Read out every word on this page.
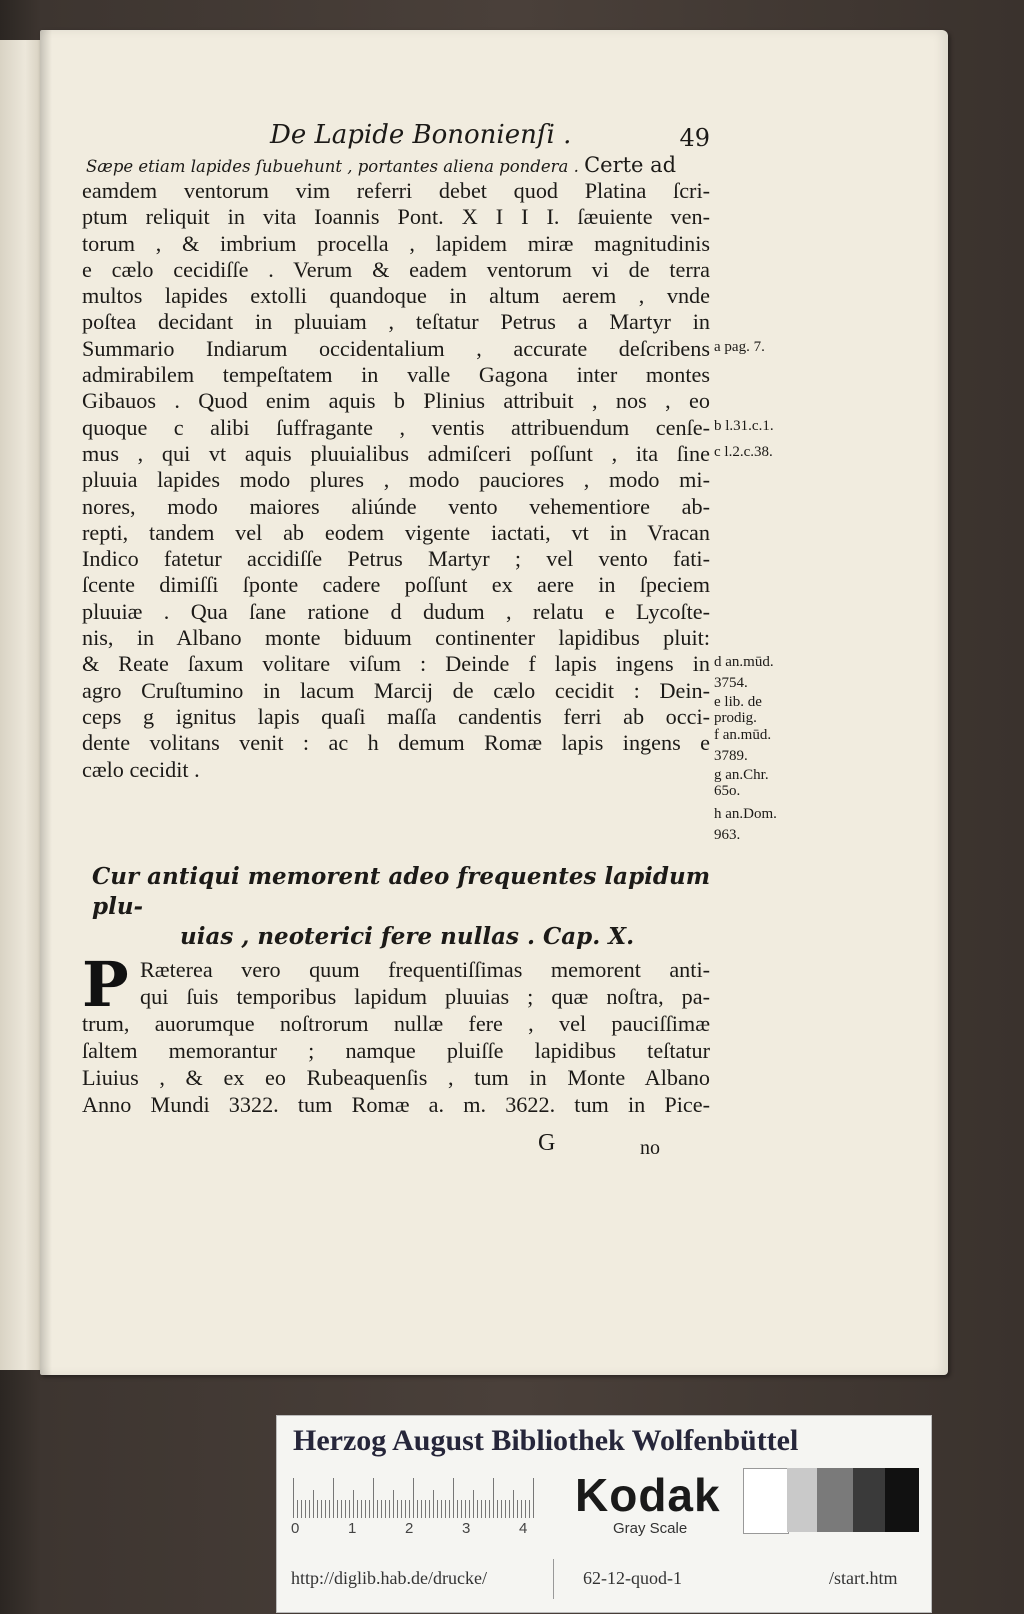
De Lapide Bononienſi .	49
Sæpe etiam lapides ſubuehunt , portantes aliena pondera . Certe ad
eamdem ventorum vim referri debet quod Platina ſcri-
ptum reliquit in vita Ioannis Pont. X I I I. ſæuiente ven-
torum , & imbrium procella , lapidem miræ magnitudinis
e cælo cecidiſſe . Verum & eadem ventorum vi de terra
multos lapides extolli quandoque in altum aerem , vnde
poſtea decidant in pluuiam , teſtatur Petrus a Martyr in
Summario Indiarum occidentalium , accurate deſcribens
admirabilem tempeſtatem in valle Gagona inter montes
Gibauos . Quod enim aquis b Plinius attribuit , nos , eo
quoque c alibi ſuffragante , ventis attribuendum cenſe-
mus , qui vt aquis pluuialibus admiſceri poſſunt , ita ſine
pluuia lapides modo plures , modo pauciores , modo mi-
nores, modo maiores aliúnde vento vehementiore ab-
repti, tandem vel ab eodem vigente iactati, vt in Vracan
Indico fatetur accidiſſe Petrus Martyr ; vel vento fati-
ſcente dimiſſi ſponte cadere poſſunt ex aere in ſpeciem
pluuiæ . Qua ſane ratione d dudum , relatu e Lycoſte-
nis, in Albano monte biduum continenter lapidibus pluit:
& Reate ſaxum volitare viſum : Deinde f lapis ingens in
agro Cruſtumino in lacum Marcij de cælo cecidit : Dein-
ceps g ignitus lapis quaſi maſſa candentis ferri ab occi-
dente volitans venit : ac h demum Romæ lapis ingens e
cælo cecidit .
a pag. 7.
b l.31.c.1.
c l.2.c.38.
d an.mūd.
3754.
e lib. de
prodig.
f an.mūd.
3789.
g an.Chr.
65o.
h an.Dom.
963.
Cur antiqui memorent adeo frequentes lapidum plu-
uias , neoterici fere nullas . Cap. X.
P Ræterea vero quum frequentiſſimas memorent anti-
qui ſuis temporibus lapidum pluuias ; quæ noſtra, pa-
trum, auorumque noſtrorum nullæ fere , vel pauciſſimæ
ſaltem memorantur ; namque pluiſſe lapidibus teſtatur
Liuius , & ex eo Rubeaquenſis , tum in Monte Albano
Anno Mundi 3322. tum Romæ a. m. 3622. tum in Pice-
G	no
Herzog August Bibliothek Wolfenbüttel
0	1	2	3	4
Kodak
Gray Scale
http://diglib.hab.de/drucke/	62-12-quod-1	/start.htm
